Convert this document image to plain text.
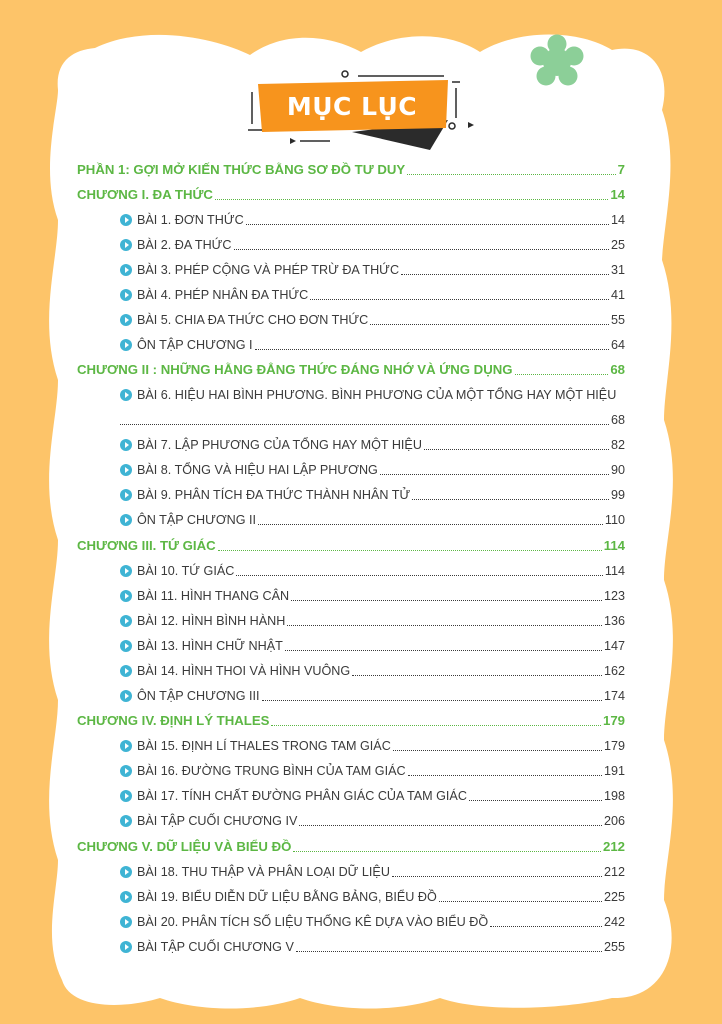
MỤC LỤC
PHẦN 1: GỢI MỞ KIẾN THỨC BẰNG SƠ ĐỒ TƯ DUY	7
CHƯƠNG I. ĐA THỨC	14
BÀI 1. ĐƠN THỨC	14
BÀI 2. ĐA THỨC	25
BÀI 3. PHÉP CỘNG VÀ PHÉP TRỪ ĐA THỨC	31
BÀI 4. PHÉP NHÂN ĐA THỨC	41
BÀI 5. CHIA ĐA THỨC CHO ĐƠN THỨC	55
ÔN TẬP CHƯƠNG I	64
CHƯƠNG II : NHỮNG HẰNG ĐẲNG THỨC ĐÁNG NHỚ VÀ ỨNG DỤNG	68
BÀI 6. HIỆU HAI BÌNH PHƯƠNG. BÌNH PHƯƠNG CỦA MỘT TỔNG HAY MỘT HIỆU
68
BÀI 7. LẬP PHƯƠNG CỦA TỔNG HAY MỘT HIỆU	82
BÀI 8. TỔNG VÀ HIỆU HAI LẬP PHƯƠNG	90
BÀI 9. PHÂN TÍCH ĐA THỨC THÀNH NHÂN TỬ	99
ÔN TẬP CHƯƠNG II	110
CHƯƠNG III. TỨ GIÁC	114
BÀI 10. TỨ GIÁC	114
BÀI 11. HÌNH THANG CÂN	123
BÀI 12. HÌNH BÌNH HÀNH	136
BÀI 13. HÌNH CHỮ NHẬT	147
BÀI 14. HÌNH THOI VÀ HÌNH VUÔNG	162
ÔN TẬP CHƯƠNG III	174
CHƯƠNG IV. ĐỊNH LÝ THALES	179
BÀI 15. ĐỊNH LÍ THALES TRONG TAM GIÁC	179
BÀI 16. ĐƯỜNG TRUNG BÌNH CỦA TAM GIÁC	191
BÀI 17. TÍNH CHẤT ĐƯỜNG PHÂN GIÁC CỦA TAM GIÁC	198
BÀI TẬP CUỐI CHƯƠNG IV	206
CHƯƠNG V. DỮ LIỆU VÀ BIỂU ĐỒ	212
BÀI 18. THU THẬP VÀ PHÂN LOẠI DỮ LIỆU	212
BÀI 19. BIỂU DIỄN DỮ LIỆU BẰNG BẢNG, BIỂU ĐỒ	225
BÀI 20. PHÂN TÍCH SỐ LIỆU THỐNG KÊ DỰA VÀO BIỂU ĐỒ	242
BÀI TẬP CUỐI CHƯƠNG V	255
